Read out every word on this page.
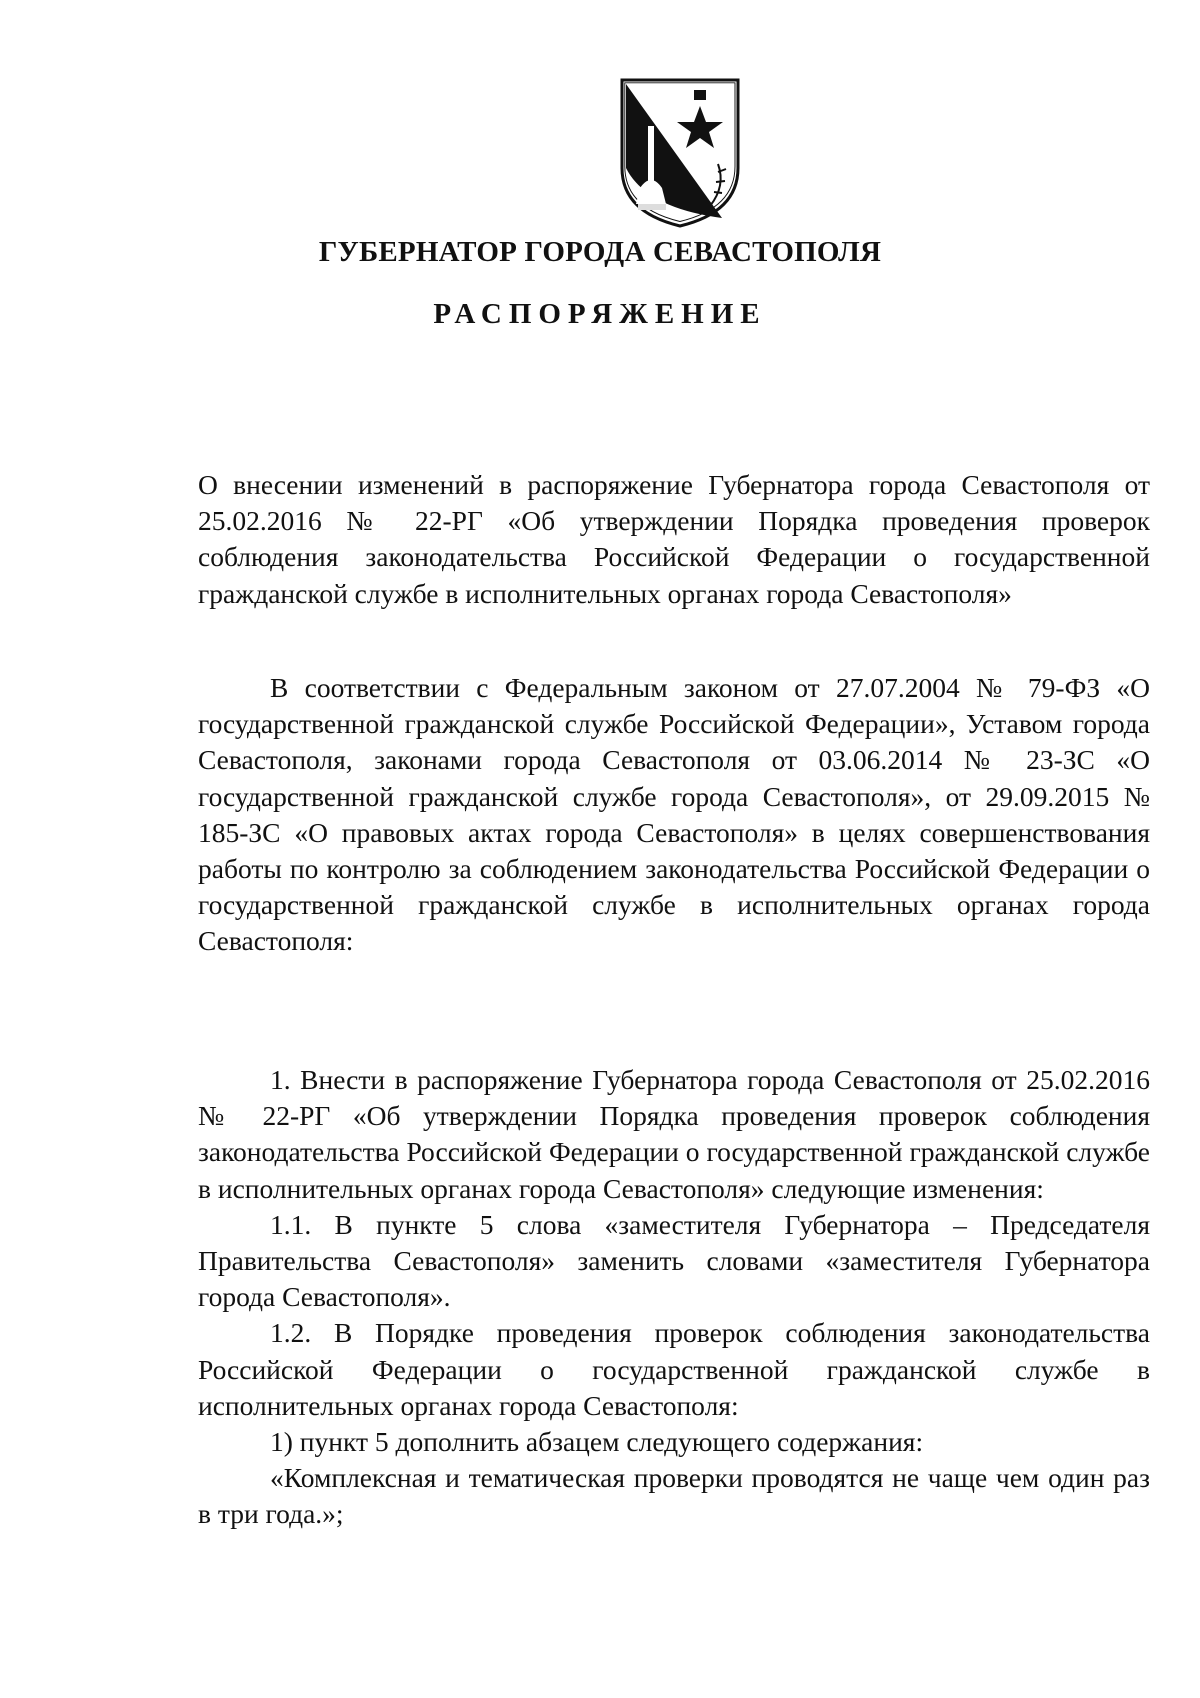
ГУБЕРНАТОР ГОРОДА СЕВАСТОПОЛЯ
РАСПОРЯЖЕНИЕ

О внесении изменений в распоряжение Губернатора города Севастополя от 25.02.2016 № 22-РГ «Об утверждении Порядка проведения проверок соблюдения законодательства Российской Федерации о государственной гражданской службе в исполнительных органах города Севастополя»

В соответствии с Федеральным законом от 27.07.2004 № 79-ФЗ «О государственной гражданской службе Российской Федерации», Уставом города Севастополя, законами города Севастополя от 03.06.2014 № 23-ЗС «О государственной гражданской службе города Севастополя», от 29.09.2015 № 185-ЗС «О правовых актах города Севастополя» в целях совершенствования работы по контролю за соблюдением законодательства Российской Федерации о государственной гражданской службе в исполнительных органах города Севастополя:

1. Внести в распоряжение Губернатора города Севастополя от 25.02.2016 № 22-РГ «Об утверждении Порядка проведения проверок соблюдения законодательства Российской Федерации о государственной гражданской службе в исполнительных органах города Севастополя» следующие изменения:

1.1. В пункте 5 слова «заместителя Губернатора – Председателя Правительства Севастополя» заменить словами «заместителя Губернатора города Севастополя».

1.2. В Порядке проведения проверок соблюдения законодательства Российской Федерации о государственной гражданской службе в исполнительных органах города Севастополя:

1) пункт 5 дополнить абзацем следующего содержания:

«Комплексная и тематическая проверки проводятся не чаще чем один раз в три года.»;
